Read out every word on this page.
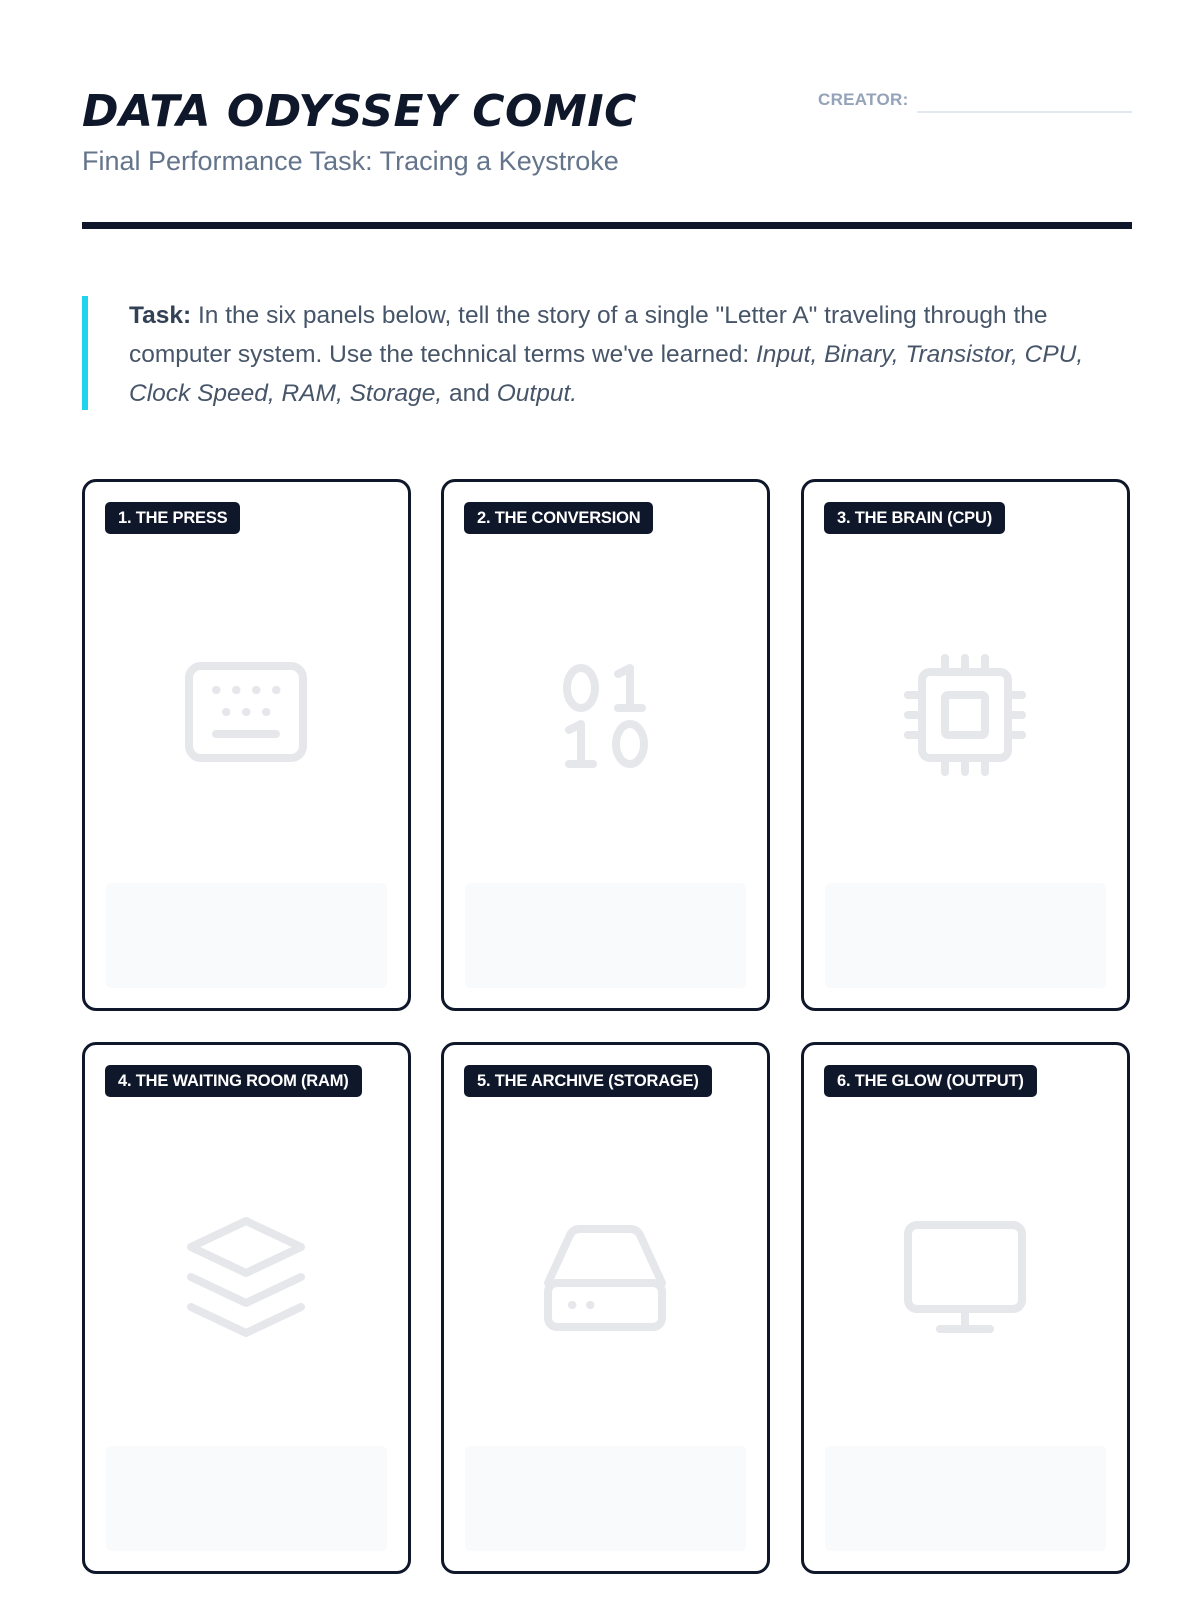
DATA ODYSSEY COMIC
Final Performance Task: Tracing a Keystroke
CREATOR:
Task: In the six panels below, tell the story of a single "Letter A" traveling through the computer system. Use the technical terms we've learned: Input, Binary, Transistor, CPU, Clock Speed, RAM, Storage, and Output.
1. THE PRESS	2. THE CONVERSION	3. THE BRAIN (CPU)
4. THE WAITING ROOM (RAM)	5. THE ARCHIVE (STORAGE)	6. THE GLOW (OUTPUT)
